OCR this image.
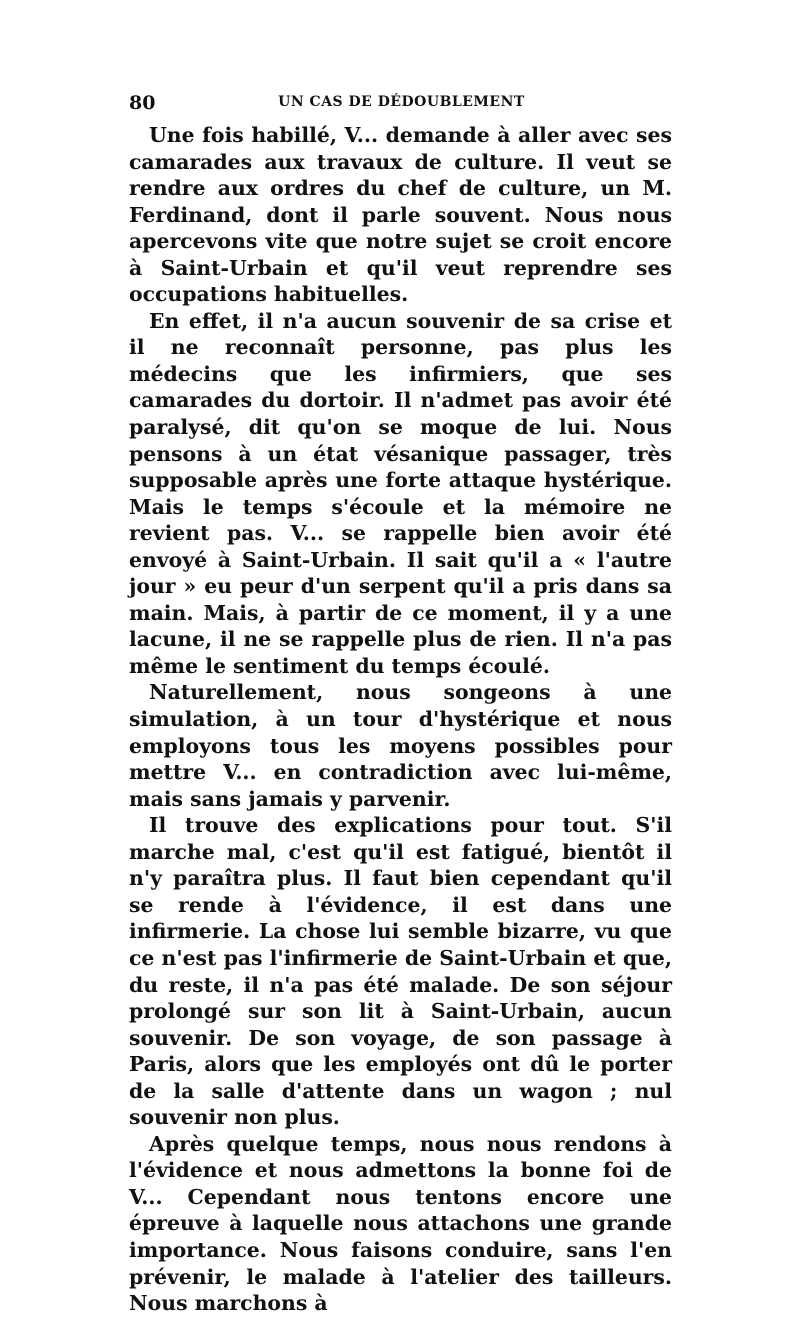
80	UN CAS DE DÉDOUBLEMENT

Une fois habillé, V... demande à aller avec ses camarades aux travaux de culture. Il veut se rendre aux ordres du chef de culture, un M. Ferdinand, dont il parle souvent. Nous nous apercevons vite que notre sujet se croit encore à Saint-Urbain et qu'il veut reprendre ses occupations habituelles.

En effet, il n'a aucun souvenir de sa crise et il ne reconnaît personne, pas plus les médecins que les infirmiers, que ses camarades du dortoir. Il n'admet pas avoir été paralysé, dit qu'on se moque de lui. Nous pensons à un état vésanique passager, très supposable après une forte attaque hystérique. Mais le temps s'écoule et la mémoire ne revient pas. V... se rappelle bien avoir été envoyé à Saint-Urbain. Il sait qu'il a « l'autre jour » eu peur d'un serpent qu'il a pris dans sa main. Mais, à partir de ce moment, il y a une lacune, il ne se rappelle plus de rien. Il n'a pas même le sentiment du temps écoulé.

Naturellement, nous songeons à une simulation, à un tour d'hystérique et nous employons tous les moyens possibles pour mettre V... en contradiction avec lui-même, mais sans jamais y parvenir.

Il trouve des explications pour tout. S'il marche mal, c'est qu'il est fatigué, bientôt il n'y paraîtra plus. Il faut bien cependant qu'il se rende à l'évidence, il est dans une infirmerie. La chose lui semble bizarre, vu que ce n'est pas l'infirmerie de Saint-Urbain et que, du reste, il n'a pas été malade. De son séjour prolongé sur son lit à Saint-Urbain, aucun souvenir. De son voyage, de son passage à Paris, alors que les employés ont dû le porter de la salle d'attente dans un wagon ; nul souvenir non plus.

Après quelque temps, nous nous rendons à l'évidence et nous admettons la bonne foi de V... Cependant nous tentons encore une épreuve à laquelle nous attachons une grande importance. Nous faisons conduire, sans l'en prévenir, le malade à l'atelier des tailleurs. Nous marchons à
